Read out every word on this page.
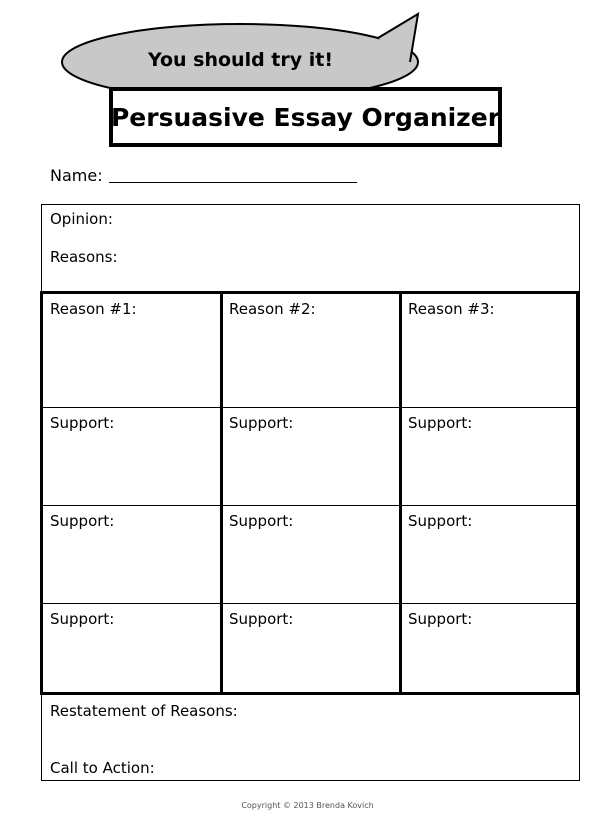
You should try it!
Persuasive Essay Organizer
Name:
Opinion:
Reasons:
Reason #1:	Reason #2:	Reason #3:
Support:	Support:	Support:
Support:	Support:	Support:
Support:	Support:	Support:
Restatement of Reasons:
Call to Action:
Copyright © 2013 Brenda Kovich
